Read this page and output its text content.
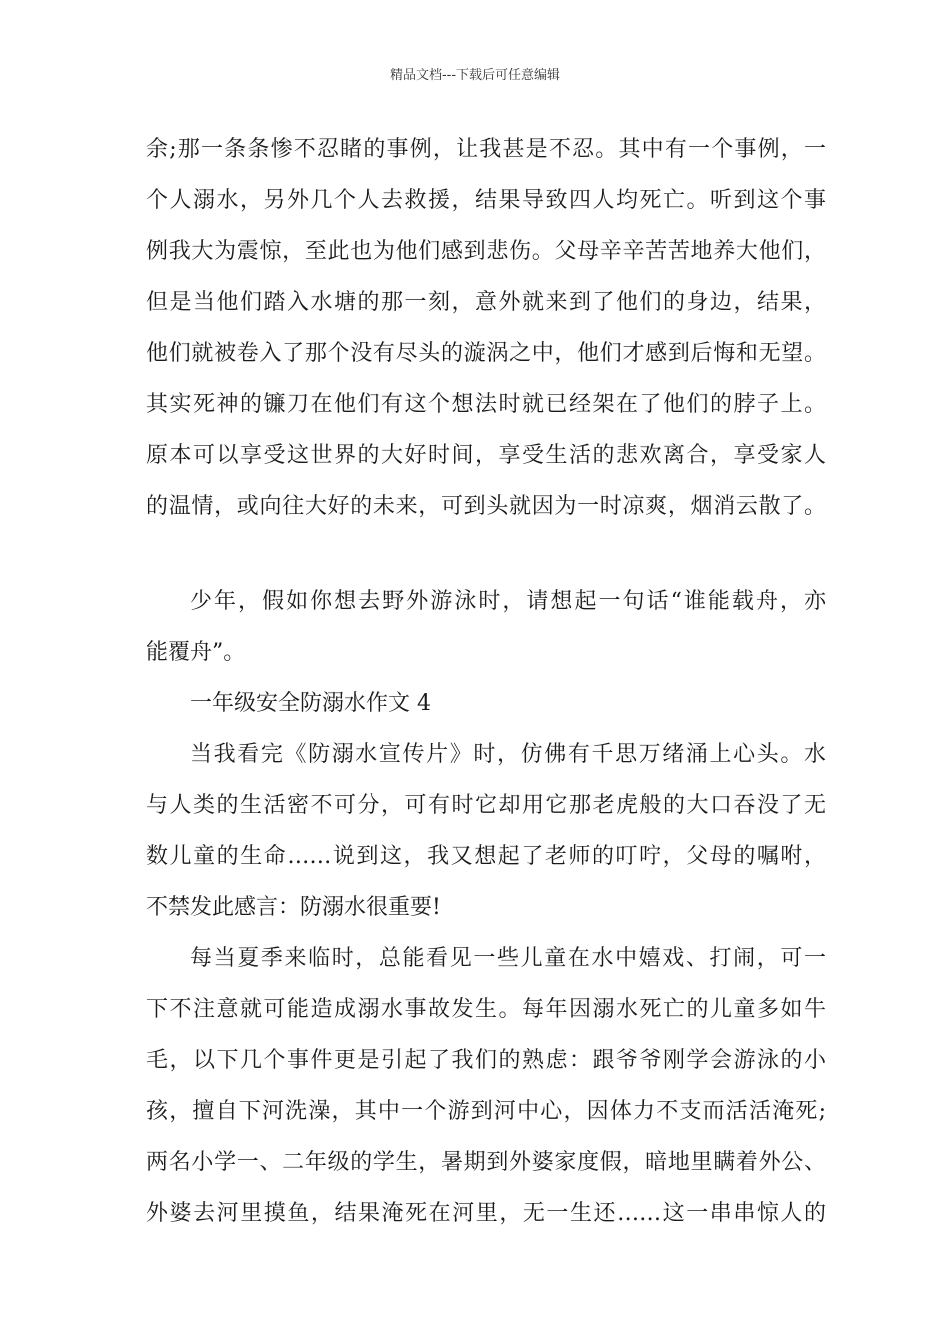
精品文档---下载后可任意编辑
余;那一条条惨不忍睹的事例，让我甚是不忍。其中有一个事例，一
个人溺水，另外几个人去救援，结果导致四人均死亡。听到这个事
例我大为震惊，至此也为他们感到悲伤。父母辛辛苦苦地养大他们，
但是当他们踏入水塘的那一刻，意外就来到了他们的身边，结果，
他们就被卷入了那个没有尽头的漩涡之中，他们才感到后悔和无望。
其实死神的镰刀在他们有这个想法时就已经架在了他们的脖子上。
原本可以享受这世界的大好时间，享受生活的悲欢离合，享受家人
的温情，或向往大好的未来，可到头就因为一时凉爽，烟消云散了。
少年，假如你想去野外游泳时，请想起一句话“谁能载舟，亦
能覆舟”。
一年级安全防溺水作文 4
当我看完《防溺水宣传片》时，仿佛有千思万绪涌上心头。水
与人类的生活密不可分，可有时它却用它那老虎般的大口吞没了无
数儿童的生命……说到这，我又想起了老师的叮咛，父母的嘱咐，
不禁发此感言：防溺水很重要!
每当夏季来临时，总能看见一些儿童在水中嬉戏、打闹，可一
下不注意就可能造成溺水事故发生。每年因溺水死亡的儿童多如牛
毛，以下几个事件更是引起了我们的熟虑：跟爷爷刚学会游泳的小
孩，擅自下河洗澡，其中一个游到河中心，因体力不支而活活淹死;
两名小学一、二年级的学生，暑期到外婆家度假，暗地里瞒着外公、
外婆去河里摸鱼，结果淹死在河里，无一生还……这一串串惊人的
